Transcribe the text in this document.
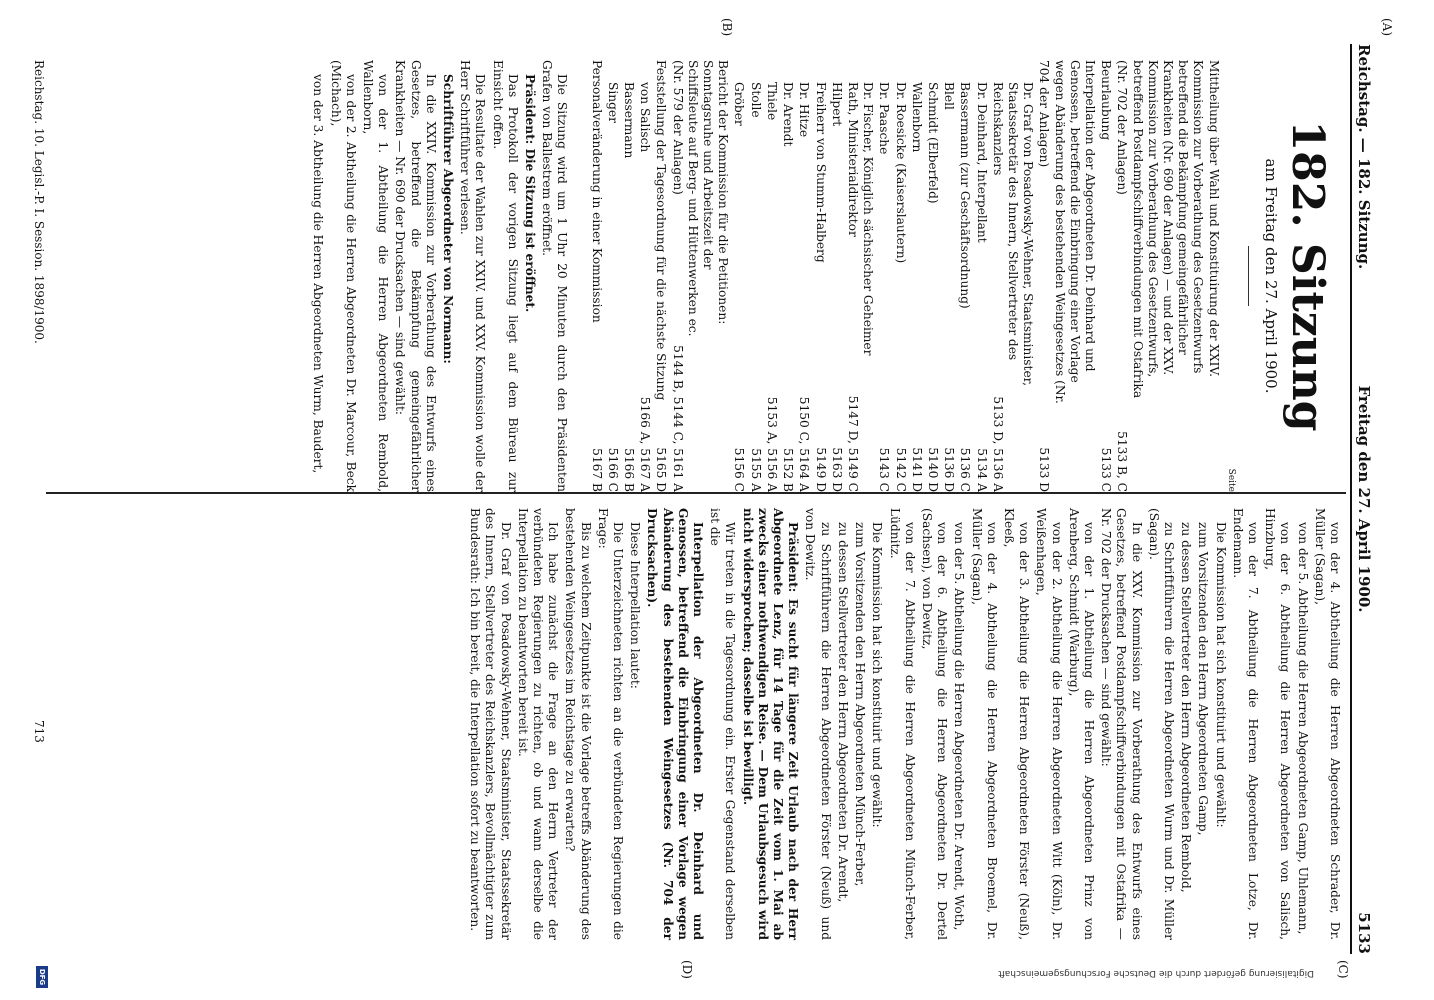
Reichstag. — 182. Sitzung.
Freitag den 27. April 1900.
5133
(A)
(B)
(C)
(D)
182. Sitzung
am Freitag den 27. April 1900.
Seite
Mittheilung über Wahl und Konstituirung der XXIV. Kommission zur Vorberathung des Gesetzentwurfs betreffend die Bekämpfung gemeingefährlicher Krankheiten (Nr. 690 der Anlagen) — und der XXV. Kommission zur Vorberathung des Gesetzentwurfs, betreffend Postdampfschiffverbindungen mit Ostafrika (Nr. 702 der Anlagen)
5133 B, C
Beurlaubung
5133 C
Interpellation der Abgeordneten Dr. Deinhard und Genossen, betreffend die Einbringung einer Vorlage wegen Abänderung des bestehenden Weingesetzes (Nr. 704 der Anlagen)
5133 D
Dr. Graf von Posadowsky-Wehner, Staatsminister, Staatssekretär des Innern, Stellvertreter des Reichskanzlers
5133 D, 5136 A
Dr. Deinhard, Interpellant
5134 A
Bassermann (zur Geschäftsordnung)
5136 C
Blell
5136 D
Schmidt (Elberfeld)
5140 D
Wallenborn
5141 D
Dr. Roesicke (Kaiserslautern)
5142 C
Dr. Paasche
5143 C
Dr. Fischer, Königlich sächsischer Geheimer Rath, Ministerialdirektor
5147 D, 5149 C
Hilpert
5163 D
Freiherr von Stumm-Halberg
5149 D
Dr. Hitze
5150 C, 5164 A
Dr. Arendt
5152 B
Thiele
5153 A, 5156 A
Stolle
5155 A
Gröber
5156 C
Bericht der Kommission für die Petitionen: Sonntagsruhe und Arbeitszeit der Schiffsleute auf Berg- und Hüttenwerken ec. (Nr. 579 der Anlagen)
5144 B, 5144 C, 5161 A
Feststellung der Tagesordnung für die nächste Sitzung
5165 D
von Salisch
5166 A, 5167 A
Bassermann
5166 B
Singer
5166 C
Personalveränderung in einer Kommission
5167 B

Die Sitzung wird um 1 Uhr 20 Minuten durch den Präsidenten Grafen von Ballestrem eröffnet.

Präsident: Die Sitzung ist eröffnet.

Das Protokoll der vorigen Sitzung liegt auf dem Büreau zur Einsicht offen.

Die Resultate der Wahlen zur XXIV. und XXV. Kommission wolle der Herr Schriftführer verlesen.

Schriftführer Abgeordneter von Normann:

In die XXIV. Kommission zur Vorberathung des Entwurfs eines Gesetzes, betreffend die Bekämpfung gemeingefährlicher Krankheiten — Nr. 690 der Drucksachen — sind gewählt:

von der 1. Abtheilung die Herren Abgeordneten Rembold, Wallenborn,

von der 2. Abtheilung die Herren Abgeordneten Dr. Marcour, Beck (Michach),

von der 3. Abtheilung die Herren Abgeordneten Wurm, Baudert,

von der 4. Abtheilung die Herren Abgeordneten Schrader, Dr. Müller (Sagan),

von der 5. Abtheilung die Herren Abgeordneten Gamp, Uhlemann,

von der 6. Abtheilung die Herren Abgeordneten von Salisch, Hinzburg,

von der 7. Abtheilung die Herren Abgeordneten Lotze, Dr. Endemann.

Die Kommission hat sich konstituirt und gewählt:

zum Vorsitzenden den Herrn Abgeordneten Gamp,

zu dessen Stellvertreter den Herrn Abgeordneten Rembold,

zu Schriftführern die Herren Abgeordneten Wurm und Dr. Müller (Sagan).

In die XXV. Kommission zur Vorberathung des Entwurfs eines Gesetzes, betreffend Postdampfschiffverbindungen mit Ostafrika — Nr. 702 der Drucksachen — sind gewählt:

von der 1. Abtheilung die Herren Abgeordneten Prinz von Arenberg, Schmidt (Warburg),

von der 2. Abtheilung die Herren Abgeordneten Witt (Köln), Dr. Weißenhagen,

von der 3. Abtheilung die Herren Abgeordneten Förster (Neuß), Kleeß,

von der 4. Abtheilung die Herren Abgeordneten Broemel, Dr. Müller (Sagan),

von der 5. Abtheilung die Herren Abgeordneten Dr. Arendt, Woth,

von der 6. Abtheilung die Herren Abgeordneten Dr. Dertel (Sachsen), von Dewitz,

von der 7. Abtheilung die Herren Abgeordneten Münch-Ferber, Lüdnitz.

Die Kommission hat sich konstituirt und gewählt:

zum Vorsitzenden den Herrn Abgeordneten Münch-Ferber,

zu dessen Stellvertreter den Herrn Abgeordneten Dr. Arendt,

zu Schriftführern die Herren Abgeordneten Förster (Neuß) und von Dewitz.

Präsident: Es sucht für längere Zeit Urlaub nach der Herr Abgeordnete Lenz, für 14 Tage für die Zeit vom 1. Mai ab zwecks einer nothwendigen Reise. — Dem Urlaubsgesuch wird nicht widersprochen; dasselbe ist bewilligt.

Wir treten in die Tagesordnung ein. Erster Gegenstand derselben ist die

Interpellation der Abgeordneten Dr. Deinhard und Genossen, betreffend die Einbringung einer Vorlage wegen Abänderung des bestehenden Weingesetzes (Nr. 704 der Drucksachen).

Diese Interpellation lautet:

Die Unterzeichneten richten an die verbündeten Regierungen die Frage:

Bis zu welchem Zeitpunkte ist die Vorlage betreffs Abänderung des bestehenden Weingesetzes im Reichstage zu erwarten?

Ich habe zunächst die Frage an den Herrn Vertreter der verbündeten Regierungen zu richten, ob und wann derselbe die Interpellation zu beantworten bereit ist.

Dr. Graf von Posadowsky-Wehner, Staatsminister, Staatssekretär des Innern, Stellvertreter des Reichskanzlers, Bevollmächtigter zum Bundesrath: Ich bin bereit, die Interpellation sofort zu beantworten.

Reichstag. 10. Legisl.-P. I. Session. 1898/1900.
713
Digitalisierung gefördert durch die Deutsche Forschungsgemeinschaft
DFG
